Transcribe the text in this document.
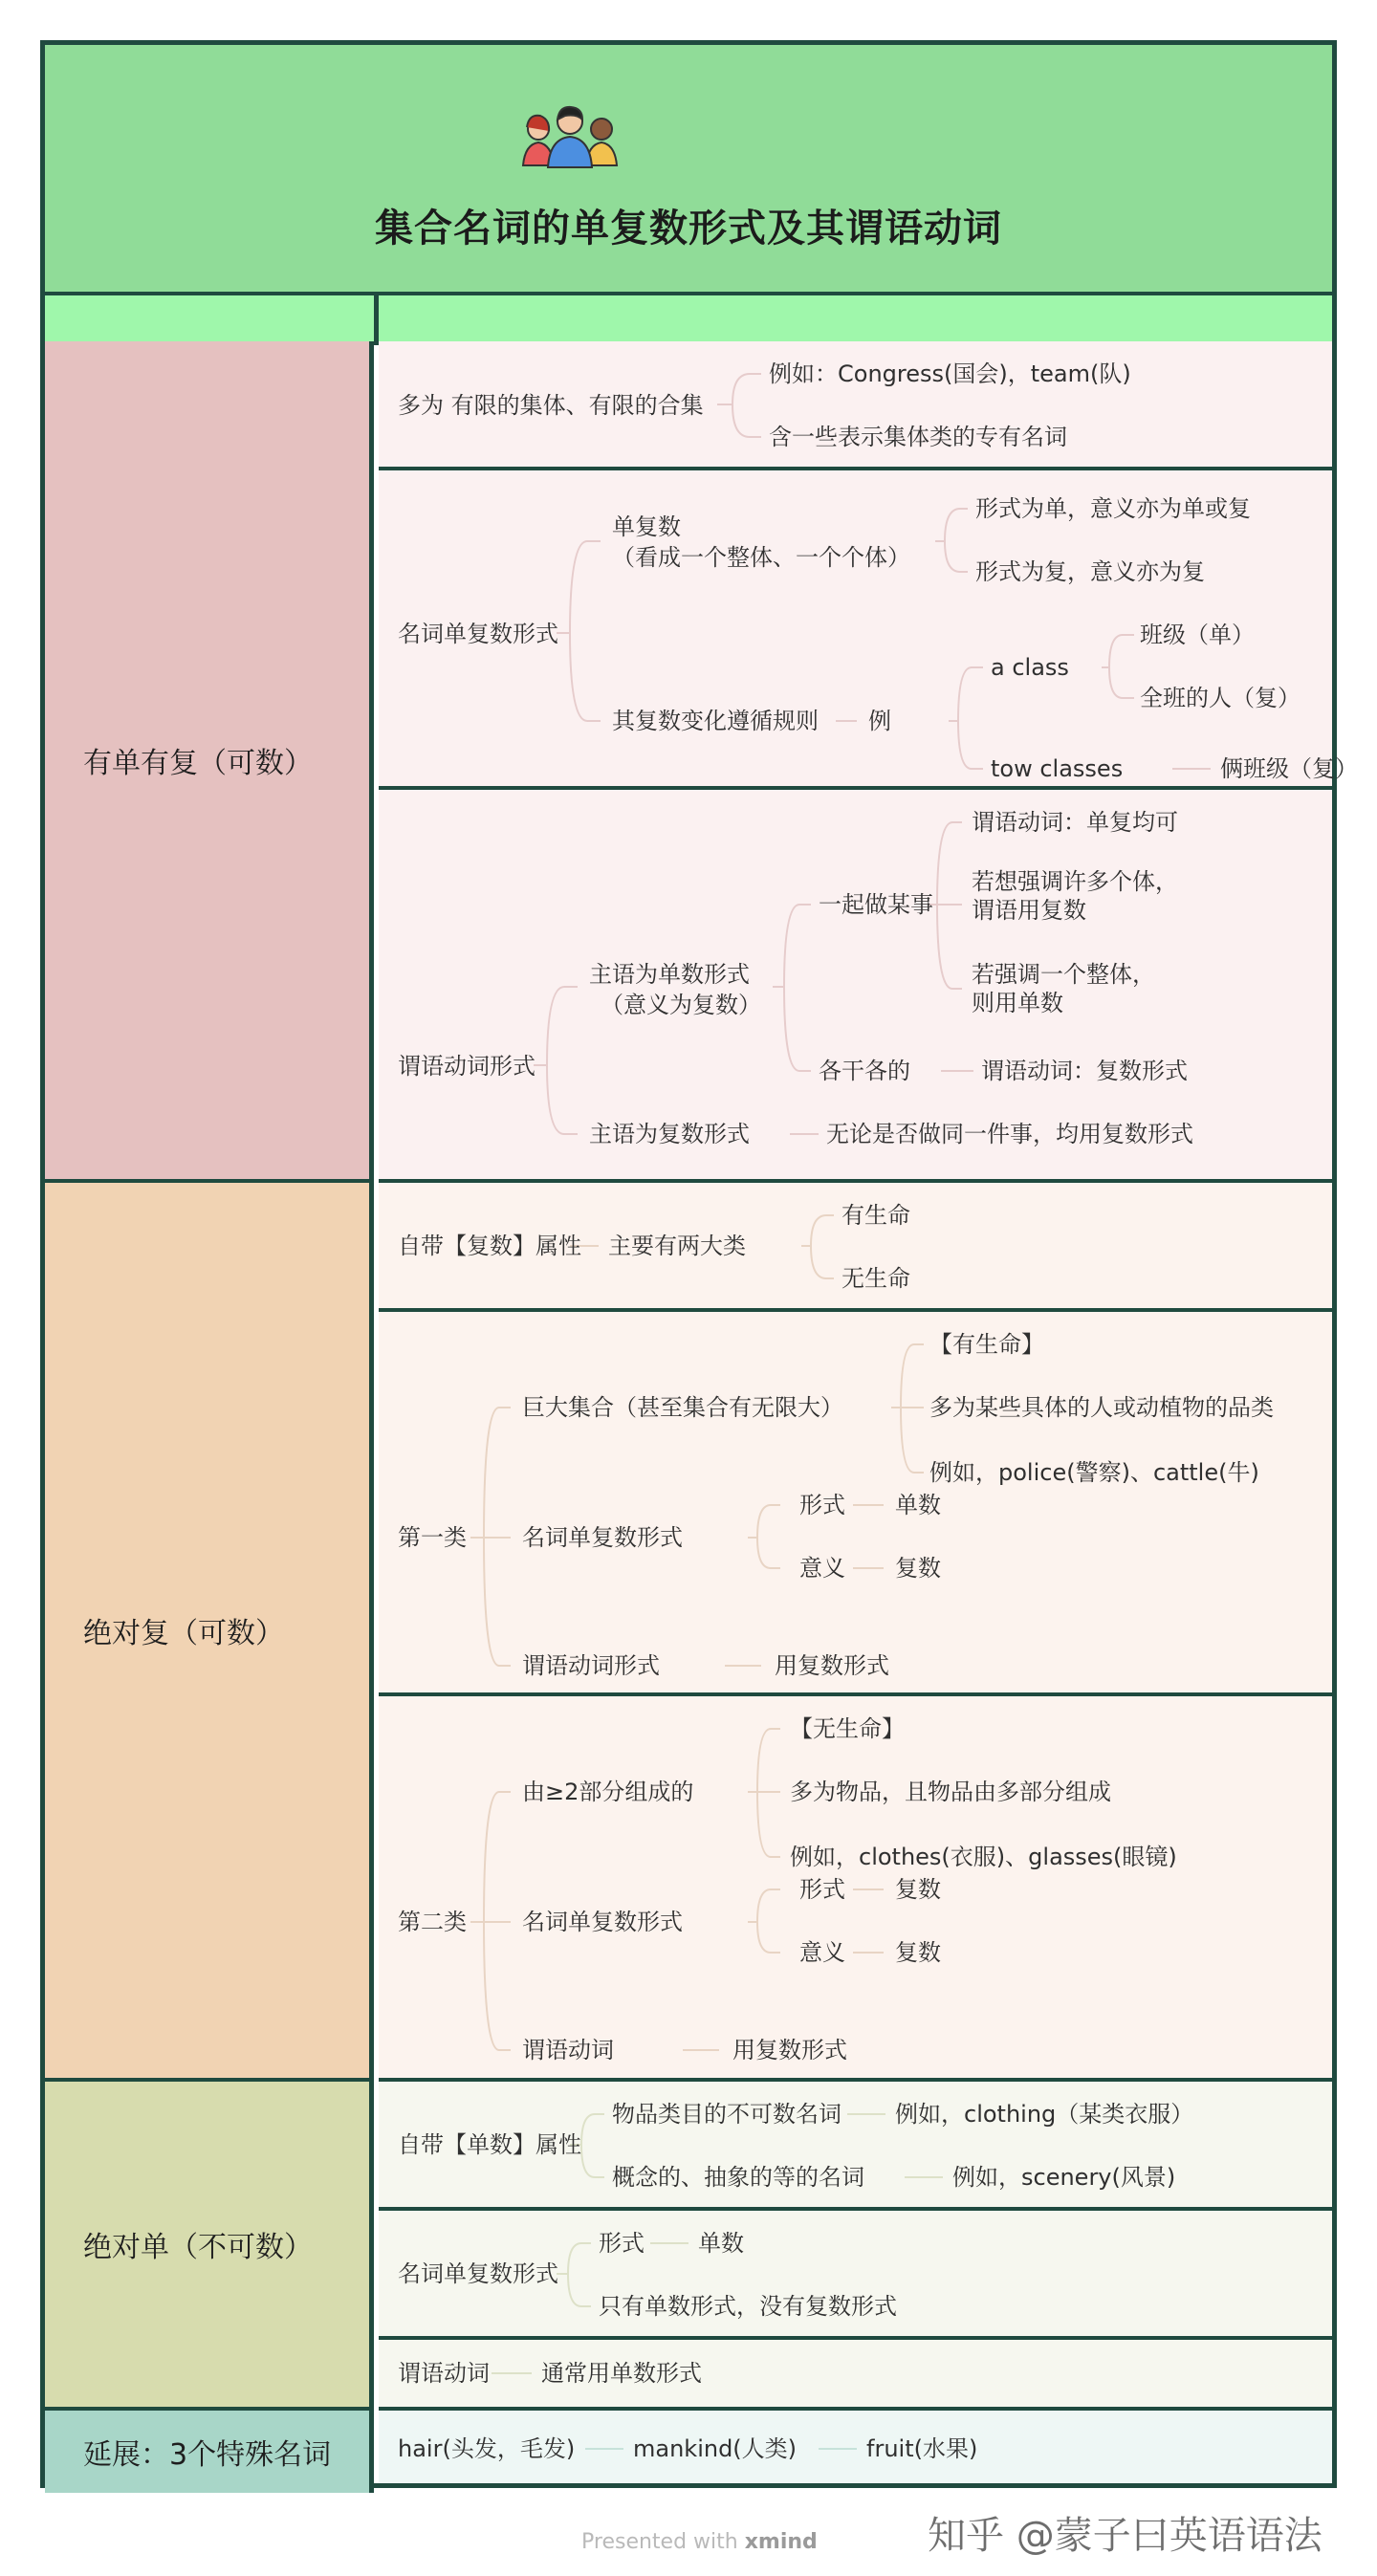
集合名词的单复数形式及其谓语动词
有单有复（可数）
绝对复（可数）
绝对单（不可数）
延展：3个特殊名词
多为 有限的集体、有限的合集
例如：Congress(国会)，team(队)
含一些表示集体类的专有名词
名词单复数形式
单复数
（看成一个整体、一个个体）
形式为单，意义亦为单或复
形式为复，意义亦为复
其复数变化遵循规则 例
a class
班级（单）
全班的人（复）
tow classes	俩班级（复）
谓语动词形式
主语为单数形式
（意义为复数）
一起做某事
谓语动词：单复均可
若想强调许多个体，
谓语用复数
若强调一个整体，
则用单数
各干各的	谓语动词：复数形式
主语为复数形式	无论是否做同一件事，均用复数形式
自带【复数】属性 主要有两大类
有生命
无生命
第一类
巨大集合（甚至集合有无限大）
【有生命】
多为某些具体的人或动植物的品类
例如，police(警察)、cattle(牛)
名词单复数形式
形式 单数
意义 复数
谓语动词形式	用复数形式
第二类
由≥2部分组成的
【无生命】
多为物品，且物品由多部分组成
例如，clothes(衣服)、glasses(眼镜)
名词单复数形式
形式 复数
意义 复数
谓语动词	用复数形式
自带【单数】属性
物品类目的不可数名词 例如，clothing（某类衣服）
概念的、抽象的等的名词	例如，scenery(风景)
名词单复数形式
形式 单数
只有单数形式，没有复数形式
谓语动词 通常用单数形式
hair(头发，毛发)	mankind(人类)	fruit(水果)
Presented with xmind	知乎 @蒙子曰英语语法
